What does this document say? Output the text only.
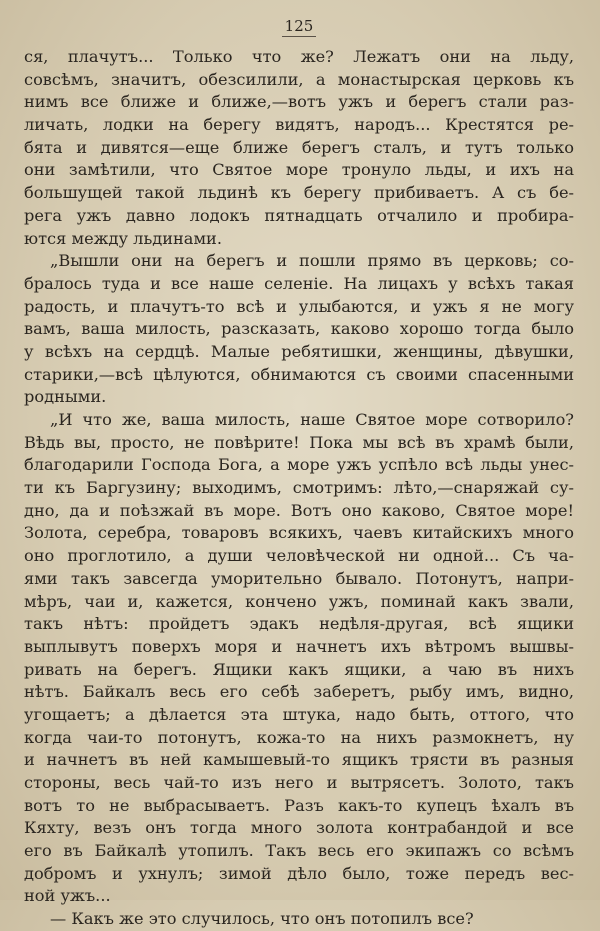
125

ся, плачутъ... Только что же? Лежатъ они на льду,
совсѣмъ, значитъ, обезсилили, а монастырская церковь къ
нимъ все ближе и ближе,—вотъ ужъ и берегъ стали раз-
личать, лодки на берегу видятъ, народъ... Крестятся ре-
бята и дивятся—еще ближе берегъ сталъ, и тутъ только
они замѣтили, что Святое море тронуло льды, и ихъ на
большущей такой льдинѣ къ берегу прибиваетъ. А съ бе-
рега ужъ давно лодокъ пятнадцать отчалило и пробира-
ются между льдинами.

„Вышли они на берегъ и пошли прямо въ церковь; со-
бралось туда и все наше селеніе. На лицахъ у всѣхъ такая
радость, и плачутъ-то всѣ и улыбаются, и ужъ я не могу
вамъ, ваша милость, разсказать, каково хорошо тогда было
у всѣхъ на сердцѣ. Малые ребятишки, женщины, дѣвушки,
старики,—всѣ цѣлуются, обнимаются съ своими спасенными
родными.

„И что же, ваша милость, наше Святое море сотворило?
Вѣдь вы, просто, не повѣрите! Пока мы всѣ въ храмѣ были,
благодарили Господа Бога, а море ужъ успѣло всѣ льды унес-
ти къ Баргузину; выходимъ, смотримъ: лѣто,—снаряжай су-
дно, да и поѣзжай въ море. Вотъ оно каково, Святое море!
Золота, серебра, товаровъ всякихъ, чаевъ китайскихъ много
оно проглотило, а души человѣческой ни одной... Съ ча-
ями такъ завсегда уморительно бывало. Потонутъ, напри-
мѣръ, чаи и, кажется, кончено ужъ, поминай какъ звали,
такъ нѣтъ: пройдетъ эдакъ недѣля-другая, всѣ ящики
выплывутъ поверхъ моря и начнетъ ихъ вѣтромъ вышвы-
ривать на берегъ. Ящики какъ ящики, а чаю въ нихъ
нѣтъ. Байкалъ весь его себѣ заберетъ, рыбу имъ, видно,
угощаетъ; а дѣлается эта штука, надо быть, оттого, что
когда чаи-то потонутъ, кожа-то на нихъ размокнетъ, ну
и начнетъ въ ней камышевый-то ящикъ трясти въ разныя
стороны, весь чай-то изъ него и вытрясетъ. Золото, такъ
вотъ то не выбрасываетъ. Разъ какъ-то купецъ ѣхалъ въ
Кяхту, везъ онъ тогда много золота контрабандой и все
его въ Байкалѣ утопилъ. Такъ весь его экипажъ со всѣмъ
добромъ и ухнулъ; зимой дѣло было, тоже передъ вес-
ной ужъ...

— Какъ же это случилось, что онъ потопилъ все?
